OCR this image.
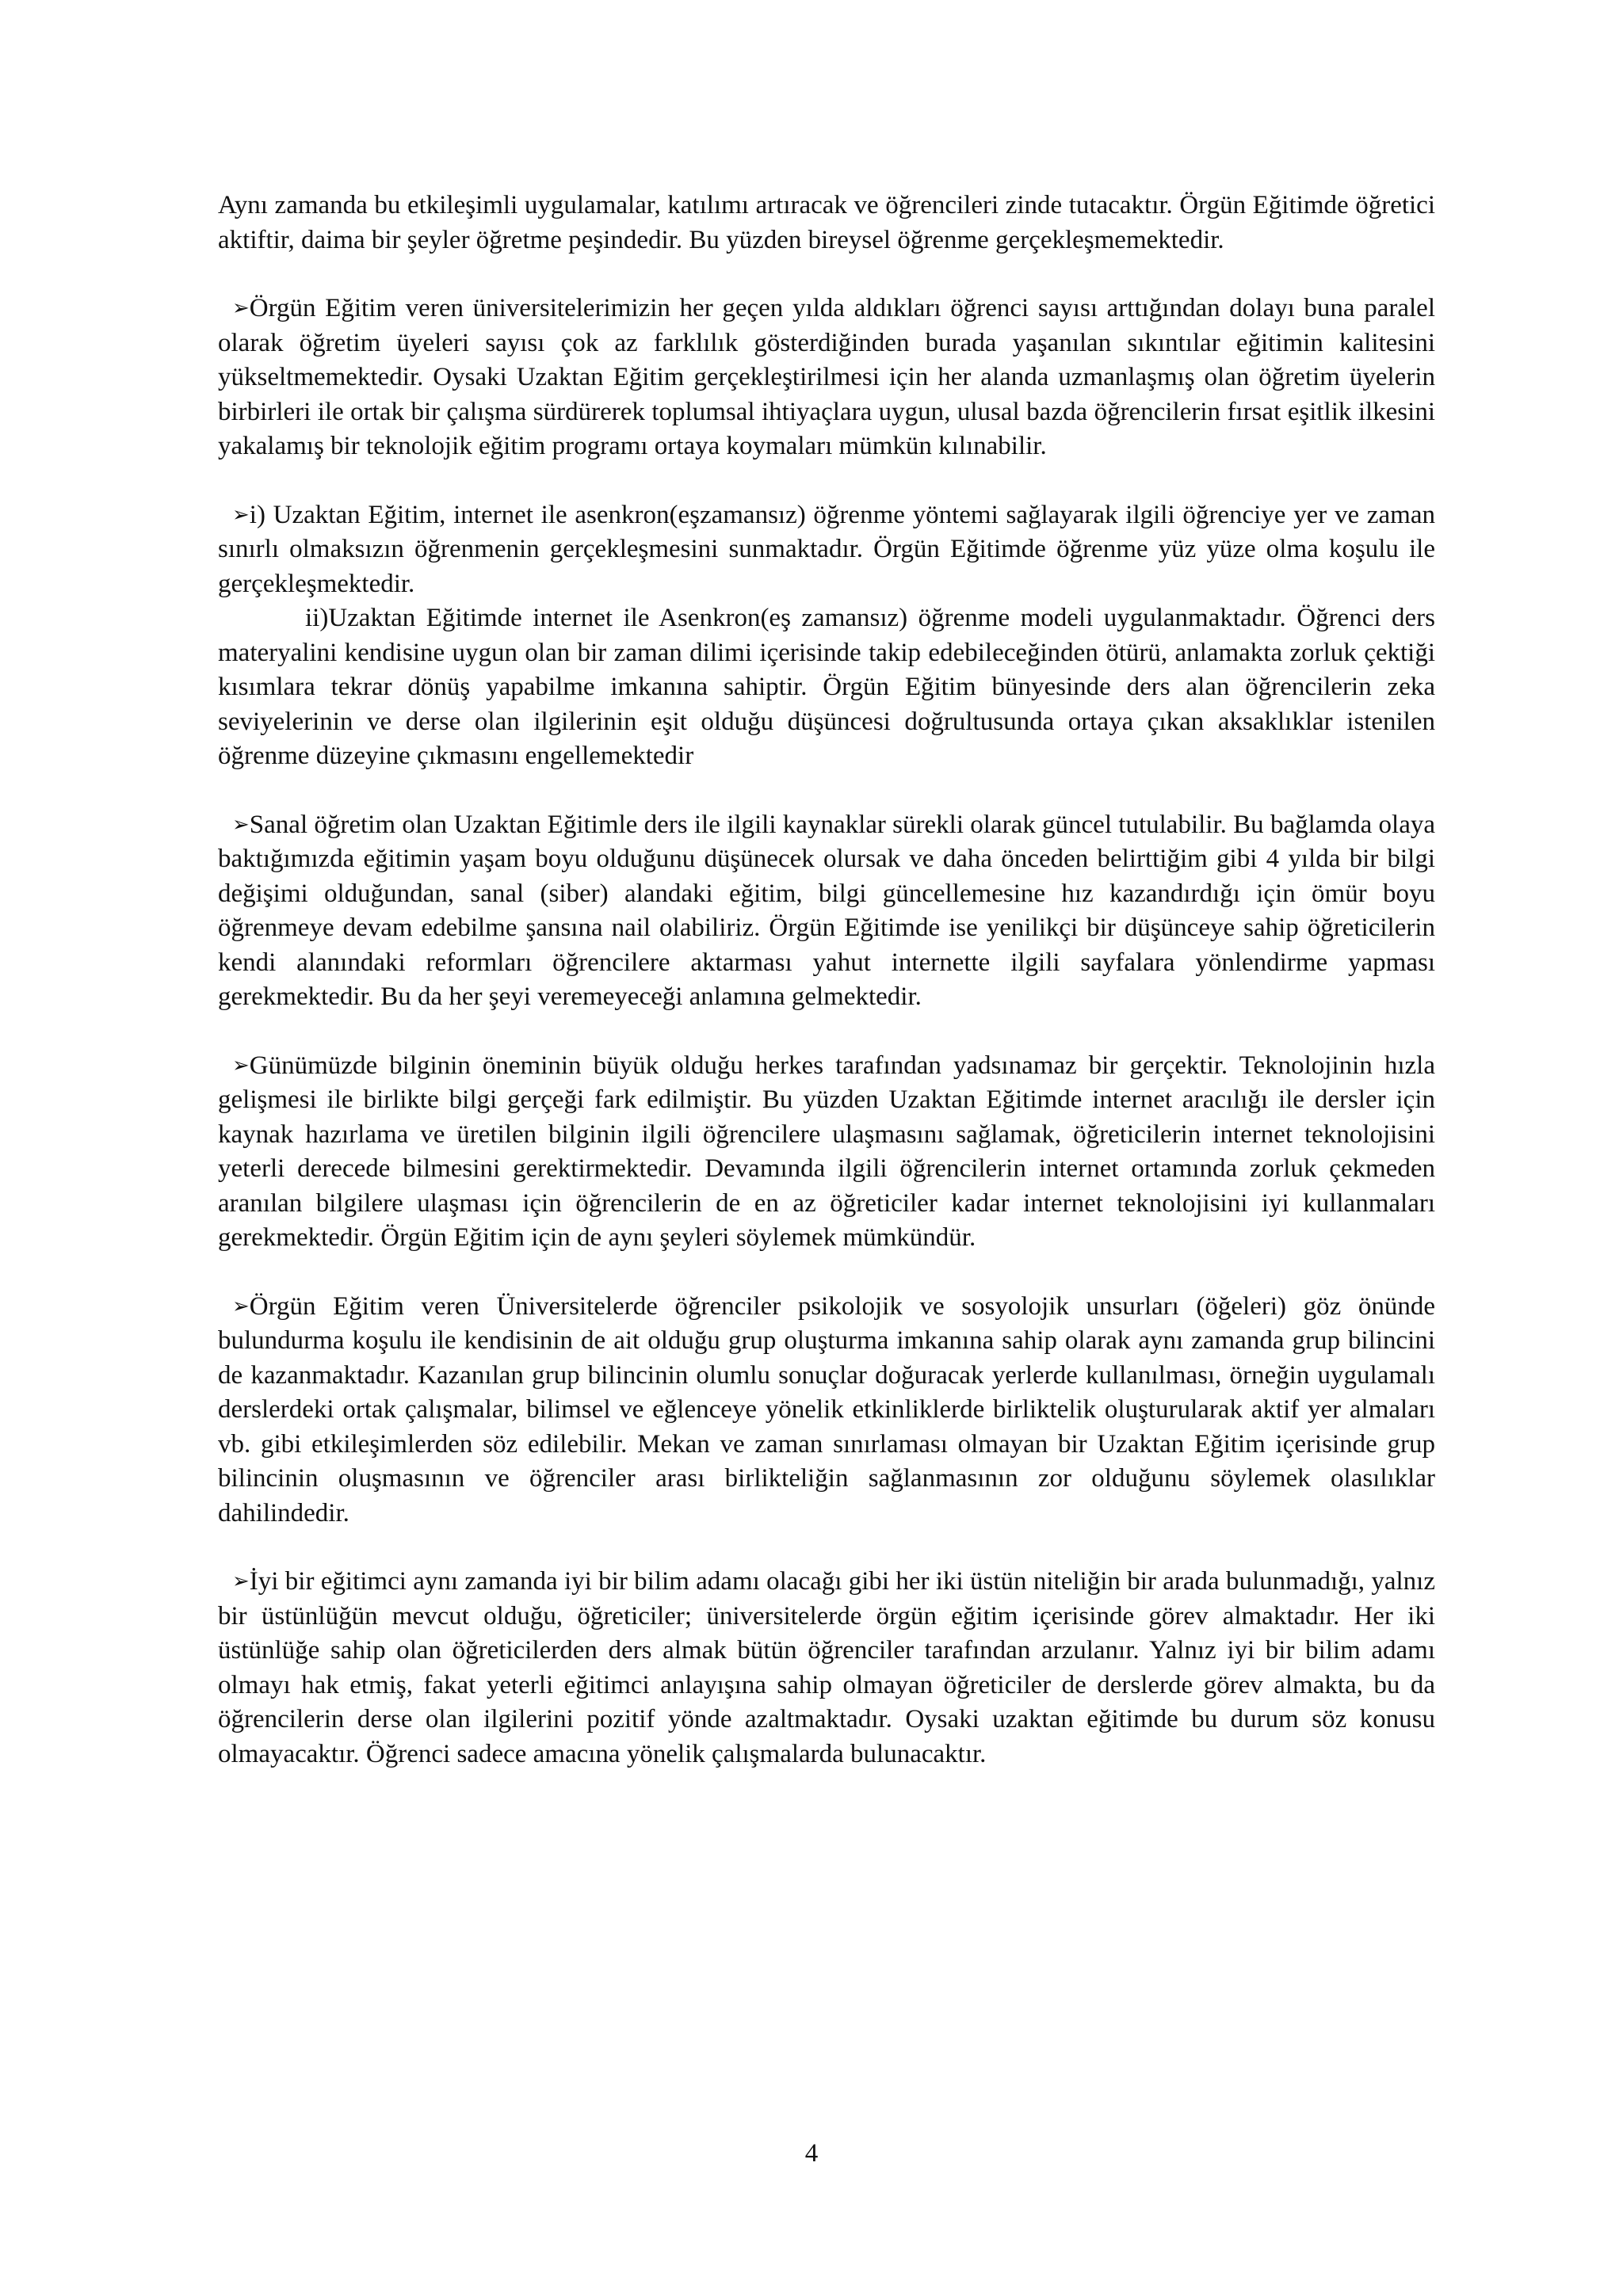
Aynı zamanda bu etkileşimli uygulamalar, katılımı artıracak ve öğrencileri zinde tutacaktır. Örgün Eğitimde öğretici aktiftir, daima bir şeyler öğretme peşindedir. Bu yüzden bireysel öğrenme gerçekleşmemektedir.

➢Örgün Eğitim veren üniversitelerimizin her geçen yılda aldıkları öğrenci sayısı arttığından dolayı buna paralel olarak öğretim üyeleri sayısı çok az farklılık gösterdiğinden burada yaşanılan sıkıntılar eğitimin kalitesini yükseltmemektedir. Oysaki Uzaktan Eğitim gerçekleştirilmesi için her alanda uzmanlaşmış olan öğretim üyelerin birbirleri ile ortak bir çalışma sürdürerek toplumsal ihtiyaçlara uygun, ulusal bazda öğrencilerin fırsat eşitlik ilkesini yakalamış bir teknolojik eğitim programı ortaya koymaları mümkün kılınabilir.

➢i) Uzaktan Eğitim, internet ile asenkron(eşzamansız) öğrenme yöntemi sağlayarak ilgili öğrenciye yer ve zaman sınırlı olmaksızın öğrenmenin gerçekleşmesini sunmaktadır. Örgün Eğitimde öğrenme yüz yüze olma koşulu ile gerçekleşmektedir.

ii)Uzaktan Eğitimde internet ile Asenkron(eş zamansız) öğrenme modeli uygulanmaktadır. Öğrenci ders materyalini kendisine uygun olan bir zaman dilimi içerisinde takip edebileceğinden ötürü, anlamakta zorluk çektiği kısımlara tekrar dönüş yapabilme imkanına sahiptir. Örgün Eğitim bünyesinde ders alan öğrencilerin zeka seviyelerinin ve derse olan ilgilerinin eşit olduğu düşüncesi doğrultusunda ortaya çıkan aksaklıklar istenilen öğrenme düzeyine çıkmasını engellemektedir

➢Sanal öğretim olan Uzaktan Eğitimle ders ile ilgili kaynaklar sürekli olarak güncel tutulabilir. Bu bağlamda olaya baktığımızda eğitimin yaşam boyu olduğunu düşünecek olursak ve daha önceden belirttiğim gibi 4 yılda bir bilgi değişimi olduğundan, sanal (siber) alandaki eğitim, bilgi güncellemesine hız kazandırdığı için ömür boyu öğrenmeye devam edebilme şansına nail olabiliriz. Örgün Eğitimde ise yenilikçi bir düşünceye sahip öğreticilerin kendi alanındaki reformları öğrencilere aktarması yahut internette ilgili sayfalara yönlendirme yapması gerekmektedir. Bu da her şeyi veremeyeceği anlamına gelmektedir.

➢Günümüzde bilginin öneminin büyük olduğu herkes tarafından yadsınamaz bir gerçektir. Teknolojinin hızla gelişmesi ile birlikte bilgi gerçeği fark edilmiştir. Bu yüzden Uzaktan Eğitimde internet aracılığı ile dersler için kaynak hazırlama ve üretilen bilginin ilgili öğrencilere ulaşmasını sağlamak, öğreticilerin internet teknolojisini yeterli derecede bilmesini gerektirmektedir. Devamında ilgili öğrencilerin internet ortamında zorluk çekmeden aranılan bilgilere ulaşması için öğrencilerin de en az öğreticiler kadar internet teknolojisini iyi kullanmaları gerekmektedir. Örgün Eğitim için de aynı şeyleri söylemek mümkündür.

➢Örgün Eğitim veren Üniversitelerde öğrenciler psikolojik ve sosyolojik unsurları (öğeleri) göz önünde bulundurma koşulu ile kendisinin de ait olduğu grup oluşturma imkanına sahip olarak aynı zamanda grup bilincini de kazanmaktadır. Kazanılan grup bilincinin olumlu sonuçlar doğuracak yerlerde kullanılması, örneğin uygulamalı derslerdeki ortak çalışmalar, bilimsel ve eğlenceye yönelik etkinliklerde birliktelik oluşturularak aktif yer almaları vb. gibi etkileşimlerden söz edilebilir. Mekan ve zaman sınırlaması olmayan bir Uzaktan Eğitim içerisinde grup bilincinin oluşmasının ve öğrenciler arası birlikteliğin sağlanmasının zor olduğunu söylemek olasılıklar dahilindedir.

➢İyi bir eğitimci aynı zamanda iyi bir bilim adamı olacağı gibi her iki üstün niteliğin bir arada bulunmadığı, yalnız bir üstünlüğün mevcut olduğu, öğreticiler; üniversitelerde örgün eğitim içerisinde görev almaktadır. Her iki üstünlüğe sahip olan öğreticilerden ders almak bütün öğrenciler tarafından arzulanır. Yalnız iyi bir bilim adamı olmayı hak etmiş, fakat yeterli eğitimci anlayışına sahip olmayan öğreticiler de derslerde görev almakta, bu da öğrencilerin derse olan ilgilerini pozitif yönde azaltmaktadır. Oysaki uzaktan eğitimde bu durum söz konusu olmayacaktır. Öğrenci sadece amacına yönelik çalışmalarda bulunacaktır.

4
